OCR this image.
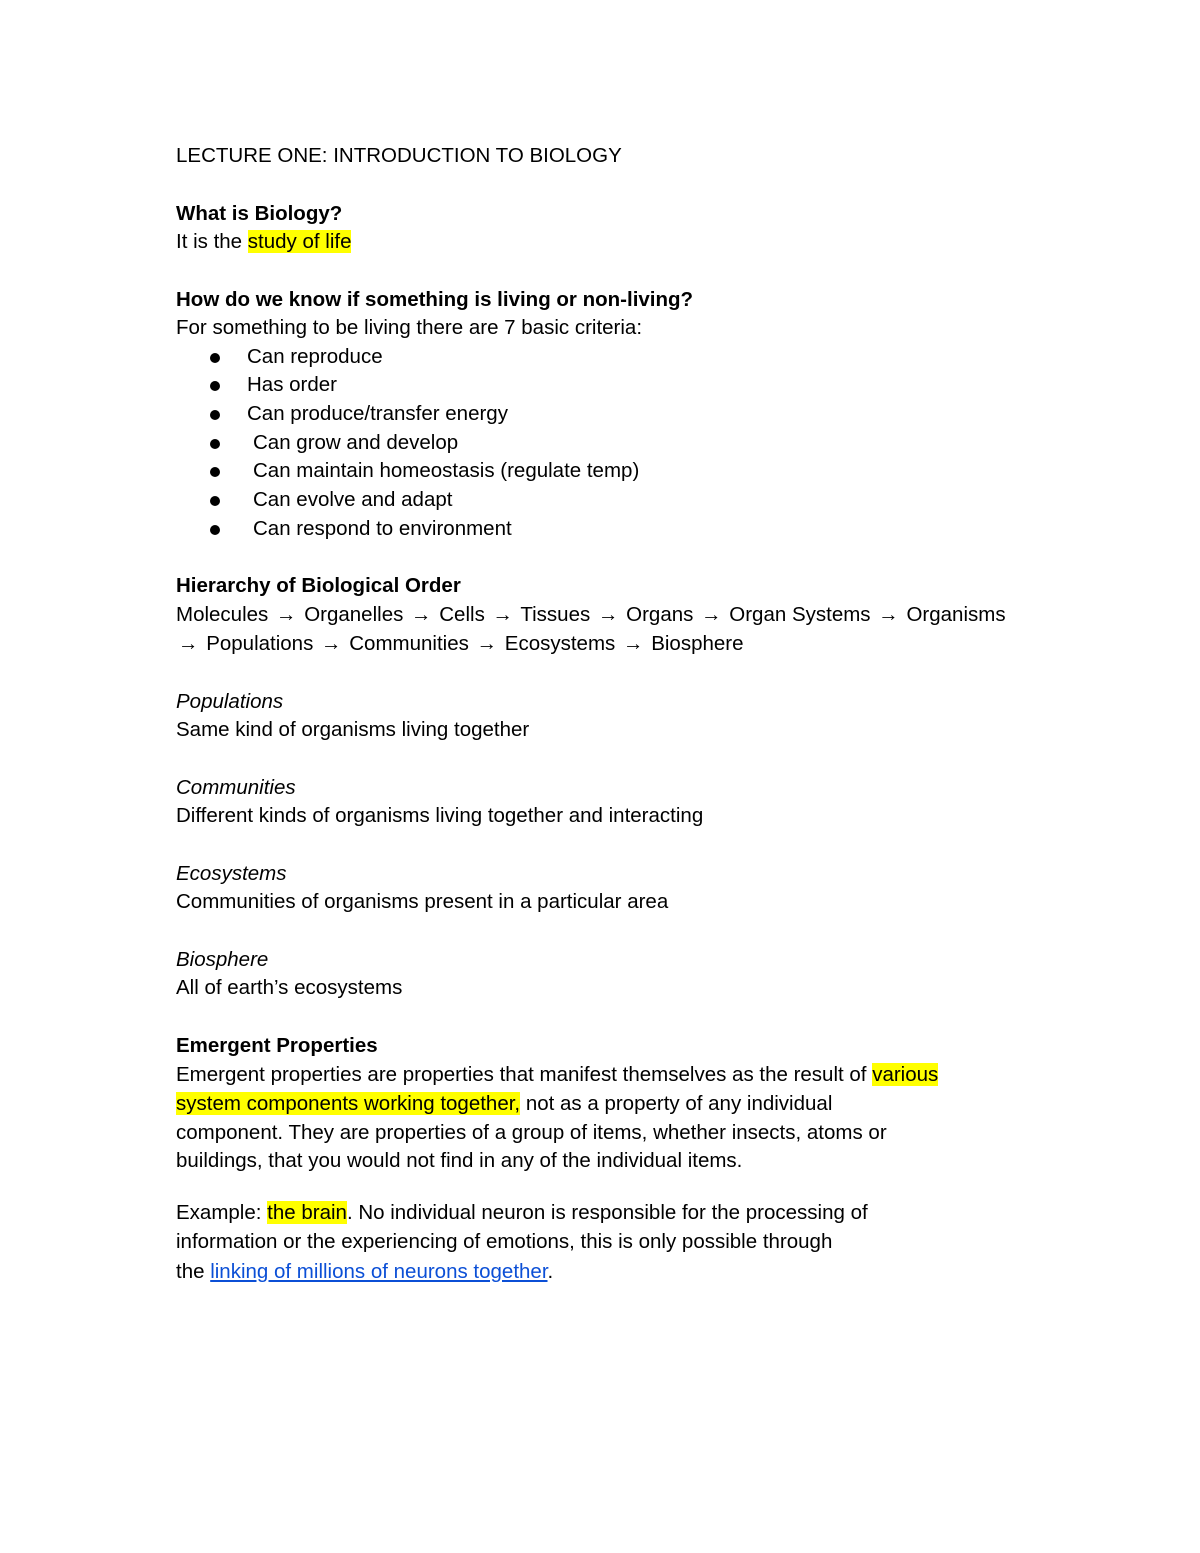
LECTURE ONE: INTRODUCTION TO BIOLOGY
What is Biology?
It is the study of life
How do we know if something is living or non-living?
For something to be living there are 7 basic criteria:
Can reproduce
Has order
Can produce/transfer energy
Can grow and develop
Can maintain homeostasis (regulate temp)
Can evolve and adapt
Can respond to environment
Hierarchy of Biological Order
Molecules → Organelles → Cells → Tissues → Organs → Organ Systems → Organisms
→ Populations → Communities → Ecosystems → Biosphere
Populations
Same kind of organisms living together
Communities
Different kinds of organisms living together and interacting
Ecosystems
Communities of organisms present in a particular area
Biosphere
All of earth’s ecosystems
Emergent Properties
Emergent properties are properties that manifest themselves as the result of various
system components working together, not as a property of any individual
component. They are properties of a group of items, whether insects, atoms or
buildings, that you would not find in any of the individual items.
Example: the brain. No individual neuron is responsible for the processing of
information or the experiencing of emotions, this is only possible through
the linking of millions of neurons together.
